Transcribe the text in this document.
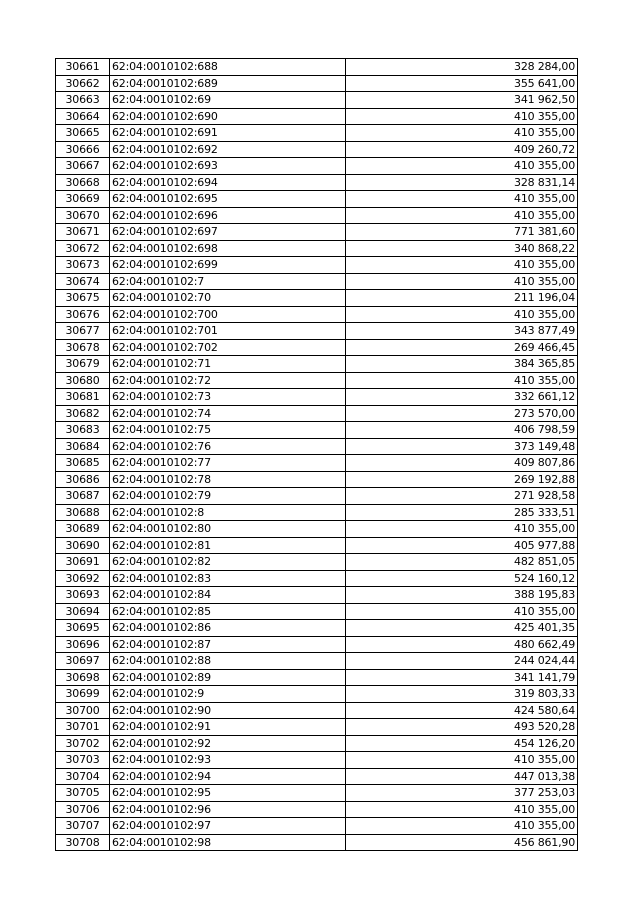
30661	62:04:0010102:688	328 284,00
30662	62:04:0010102:689	355 641,00
30663	62:04:0010102:69	341 962,50
30664	62:04:0010102:690	410 355,00
30665	62:04:0010102:691	410 355,00
30666	62:04:0010102:692	409 260,72
30667	62:04:0010102:693	410 355,00
30668	62:04:0010102:694	328 831,14
30669	62:04:0010102:695	410 355,00
30670	62:04:0010102:696	410 355,00
30671	62:04:0010102:697	771 381,60
30672	62:04:0010102:698	340 868,22
30673	62:04:0010102:699	410 355,00
30674	62:04:0010102:7	410 355,00
30675	62:04:0010102:70	211 196,04
30676	62:04:0010102:700	410 355,00
30677	62:04:0010102:701	343 877,49
30678	62:04:0010102:702	269 466,45
30679	62:04:0010102:71	384 365,85
30680	62:04:0010102:72	410 355,00
30681	62:04:0010102:73	332 661,12
30682	62:04:0010102:74	273 570,00
30683	62:04:0010102:75	406 798,59
30684	62:04:0010102:76	373 149,48
30685	62:04:0010102:77	409 807,86
30686	62:04:0010102:78	269 192,88
30687	62:04:0010102:79	271 928,58
30688	62:04:0010102:8	285 333,51
30689	62:04:0010102:80	410 355,00
30690	62:04:0010102:81	405 977,88
30691	62:04:0010102:82	482 851,05
30692	62:04:0010102:83	524 160,12
30693	62:04:0010102:84	388 195,83
30694	62:04:0010102:85	410 355,00
30695	62:04:0010102:86	425 401,35
30696	62:04:0010102:87	480 662,49
30697	62:04:0010102:88	244 024,44
30698	62:04:0010102:89	341 141,79
30699	62:04:0010102:9	319 803,33
30700	62:04:0010102:90	424 580,64
30701	62:04:0010102:91	493 520,28
30702	62:04:0010102:92	454 126,20
30703	62:04:0010102:93	410 355,00
30704	62:04:0010102:94	447 013,38
30705	62:04:0010102:95	377 253,03
30706	62:04:0010102:96	410 355,00
30707	62:04:0010102:97	410 355,00
30708	62:04:0010102:98	456 861,90
